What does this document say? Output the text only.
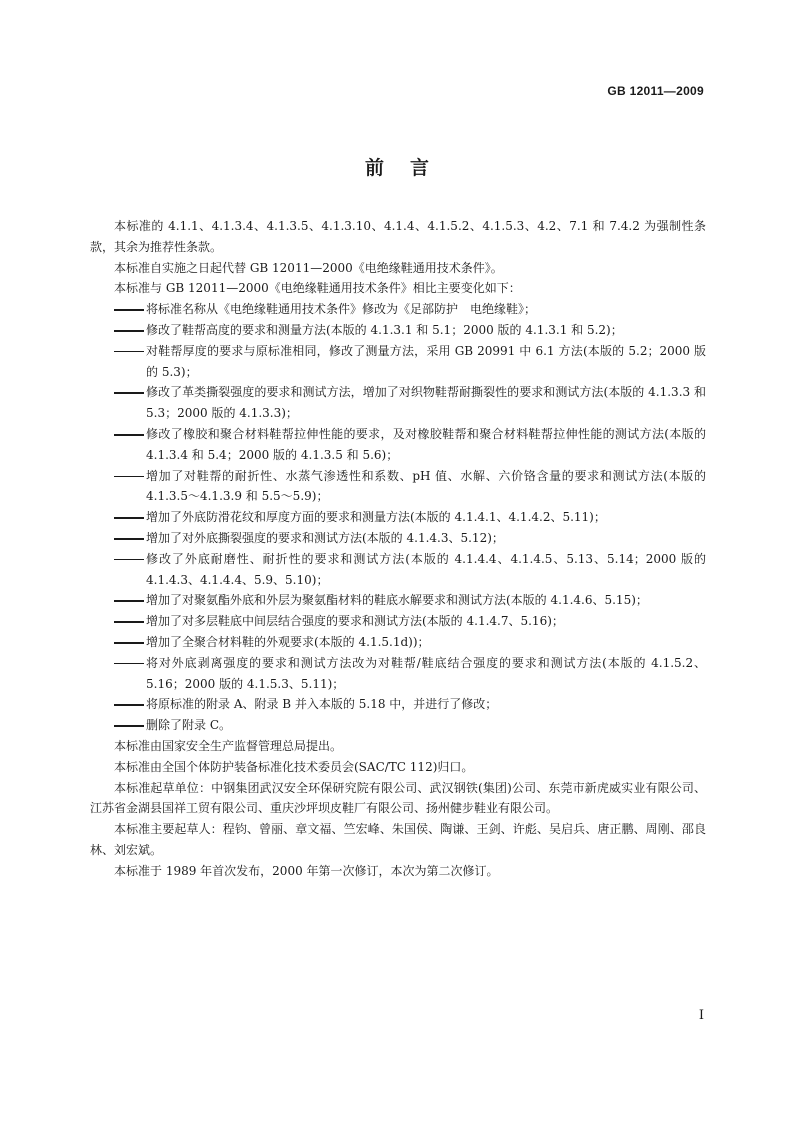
GB 12011—2009
前言

本标准的 4.1.1、4.1.3.4、4.1.3.5、4.1.3.10、4.1.4、4.1.5.2、4.1.5.3、4.2、7.1 和 7.4.2 为强制性条款，其余为推荐性条款。

本标准自实施之日起代替 GB 12011—2000《电绝缘鞋通用技术条件》。

本标准与 GB 12011—2000《电绝缘鞋通用技术条件》相比主要变化如下：

将标准名称从《电绝缘鞋通用技术条件》修改为《足部防护　电绝缘鞋》；

修改了鞋帮高度的要求和测量方法(本版的 4.1.3.1 和 5.1；2000 版的 4.1.3.1 和 5.2)；

对鞋帮厚度的要求与原标准相同，修改了测量方法，采用 GB 20991 中 6.1 方法(本版的 5.2；2000 版的 5.3)；

修改了革类撕裂强度的要求和测试方法，增加了对织物鞋帮耐撕裂性的要求和测试方法(本版的 4.1.3.3 和 5.3；2000 版的 4.1.3.3)；

修改了橡胶和聚合材料鞋帮拉伸性能的要求，及对橡胶鞋帮和聚合材料鞋帮拉伸性能的测试方法(本版的 4.1.3.4 和 5.4；2000 版的 4.1.3.5 和 5.6)；

增加了对鞋帮的耐折性、水蒸气渗透性和系数、pH 值、水解、六价铬含量的要求和测试方法(本版的 4.1.3.5～4.1.3.9 和 5.5～5.9)；

增加了外底防滑花纹和厚度方面的要求和测量方法(本版的 4.1.4.1、4.1.4.2、5.11)；

增加了对外底撕裂强度的要求和测试方法(本版的 4.1.4.3、5.12)；

修改了外底耐磨性、耐折性的要求和测试方法(本版的 4.1.4.4、4.1.4.5、5.13、5.14；2000 版的 4.1.4.3、4.1.4.4、5.9、5.10)；

增加了对聚氨酯外底和外层为聚氨酯材料的鞋底水解要求和测试方法(本版的 4.1.4.6、5.15)；

增加了对多层鞋底中间层结合强度的要求和测试方法(本版的 4.1.4.7、5.16)；

增加了全聚合材料鞋的外观要求(本版的 4.1.5.1d))；

将对外底剥离强度的要求和测试方法改为对鞋帮/鞋底结合强度的要求和测试方法(本版的 4.1.5.2、5.16；2000 版的 4.1.5.3、5.11)；

将原标准的附录 A、附录 B 并入本版的 5.18 中，并进行了修改；

删除了附录 C。

本标准由国家安全生产监督管理总局提出。

本标准由全国个体防护装备标准化技术委员会(SAC/TC 112)归口。

本标准起草单位：中钢集团武汉安全环保研究院有限公司、武汉钢铁(集团)公司、东莞市新虎威实业有限公司、江苏省金湖县国祥工贸有限公司、重庆沙坪坝皮鞋厂有限公司、扬州健步鞋业有限公司。

本标准主要起草人：程钧、曾丽、章文福、竺宏峰、朱国侯、陶谦、王剑、许彪、吴启兵、唐正鹏、周刚、邵良林、刘宏斌。

本标准于 1989 年首次发布，2000 年第一次修订，本次为第二次修订。

I
